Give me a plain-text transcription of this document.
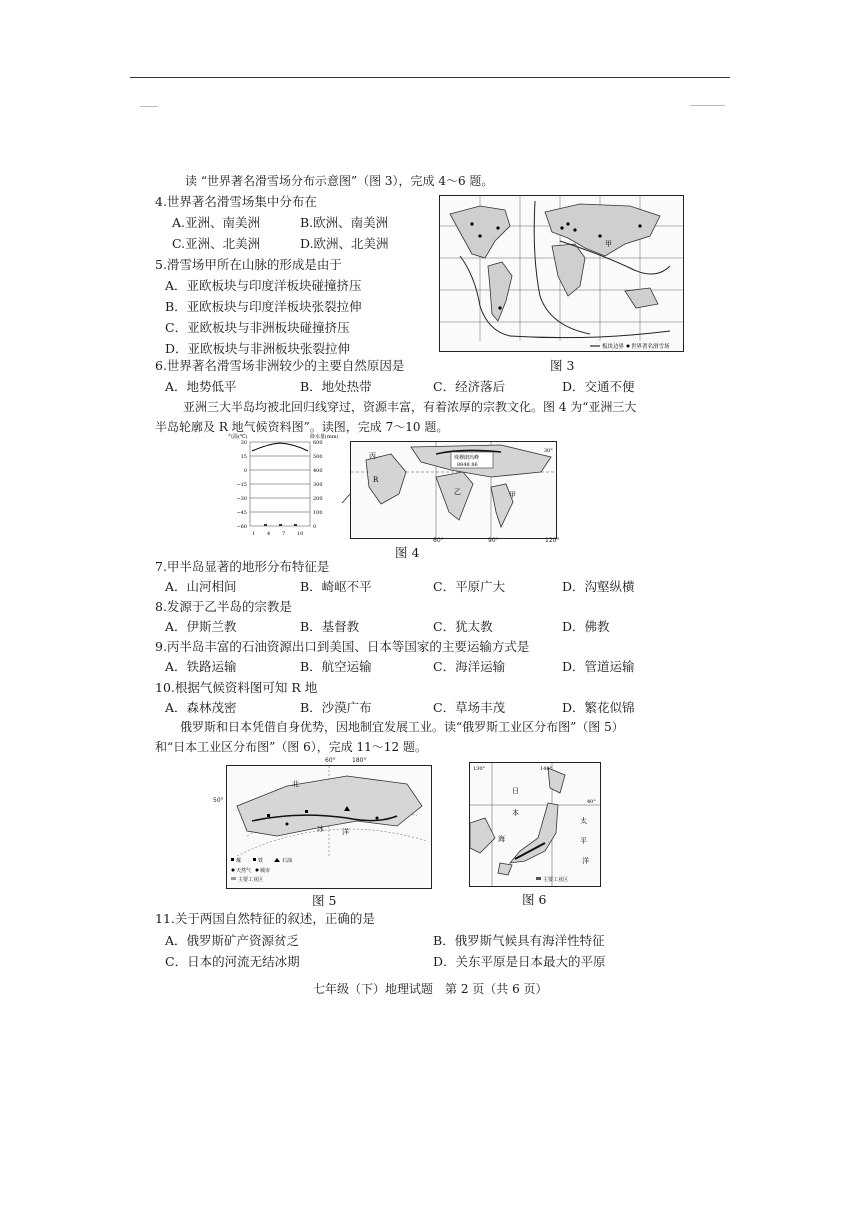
读 “世界著名滑雪场分布示意图”（图 3），完成 4～6 题。
4.世界著名滑雪场集中分布在
A.亚洲、南美洲	B.欧洲、南美洲
C.亚洲、北美洲	D.欧洲、北美洲
5.滑雪场甲所在山脉的形成是由于
A．亚欧板块与印度洋板块碰撞挤压
B．亚欧板块与印度洋板块张裂拉伸
C．亚欧板块与非洲板块碰撞挤压
D．亚欧板块与非洲板块张裂拉伸
甲
板块边界 世界著名滑雪场
图 3
6.世界著名滑雪场非洲较少的主要自然原因是
A．地势低平	B．地处热带	C．经济落后	D．交通不便
亚洲三大半岛均被北回归线穿过，资源丰富，有着浓厚的宗教文化。图 4 为“亚洲三大
半岛轮廓及 R 地气候资料图”。读图，完成 7～10 题。
气温(℃)	降水量(mm)
30
15
0
−15
−30
−45
−60
600
500
400
300
200
100
0
1 4 7 10
丙
乙	甲
R
珠穆朗玛峰
8848.86
30°
60°	90°	120°
图 4
7.甲半岛显著的地形分布特征是
A．山河相间	B．崎岖不平	C．平原广大	D．沟壑纵横
8.发源于乙半岛的宗教是
A．伊斯兰教	B．基督教	C．犹太教	D．佛教
9.丙半岛丰富的石油资源出口到美国、日本等国家的主要运输方式是
A．铁路运输	B．航空运输	C．海洋运输	D．管道运输
10.根据气候资料图可知 R 地
A．森林茂密	B．沙漠广布	C．草场丰茂	D．繁花似锦
俄罗斯和日本凭借自身优势，因地制宜发展工业。读“俄罗斯工业区分布图”（图 5）
和“日本工业区分布图”（图 6），完成 11～12 题。
北
冰	洋
煤	铁	石油
天然气 城市
主要工业区
60°	180°
50°
图 5
日
本
海
太
平
洋
主要工业区
130°	140°
40°
图 6
11.关于两国自然特征的叙述，正确的是
A．俄罗斯矿产资源贫乏	B．俄罗斯气候具有海洋性特征
C．日本的河流无结冰期	D．关东平原是日本最大的平原
七年级（下）地理试题　第 2 页（共 6 页）
